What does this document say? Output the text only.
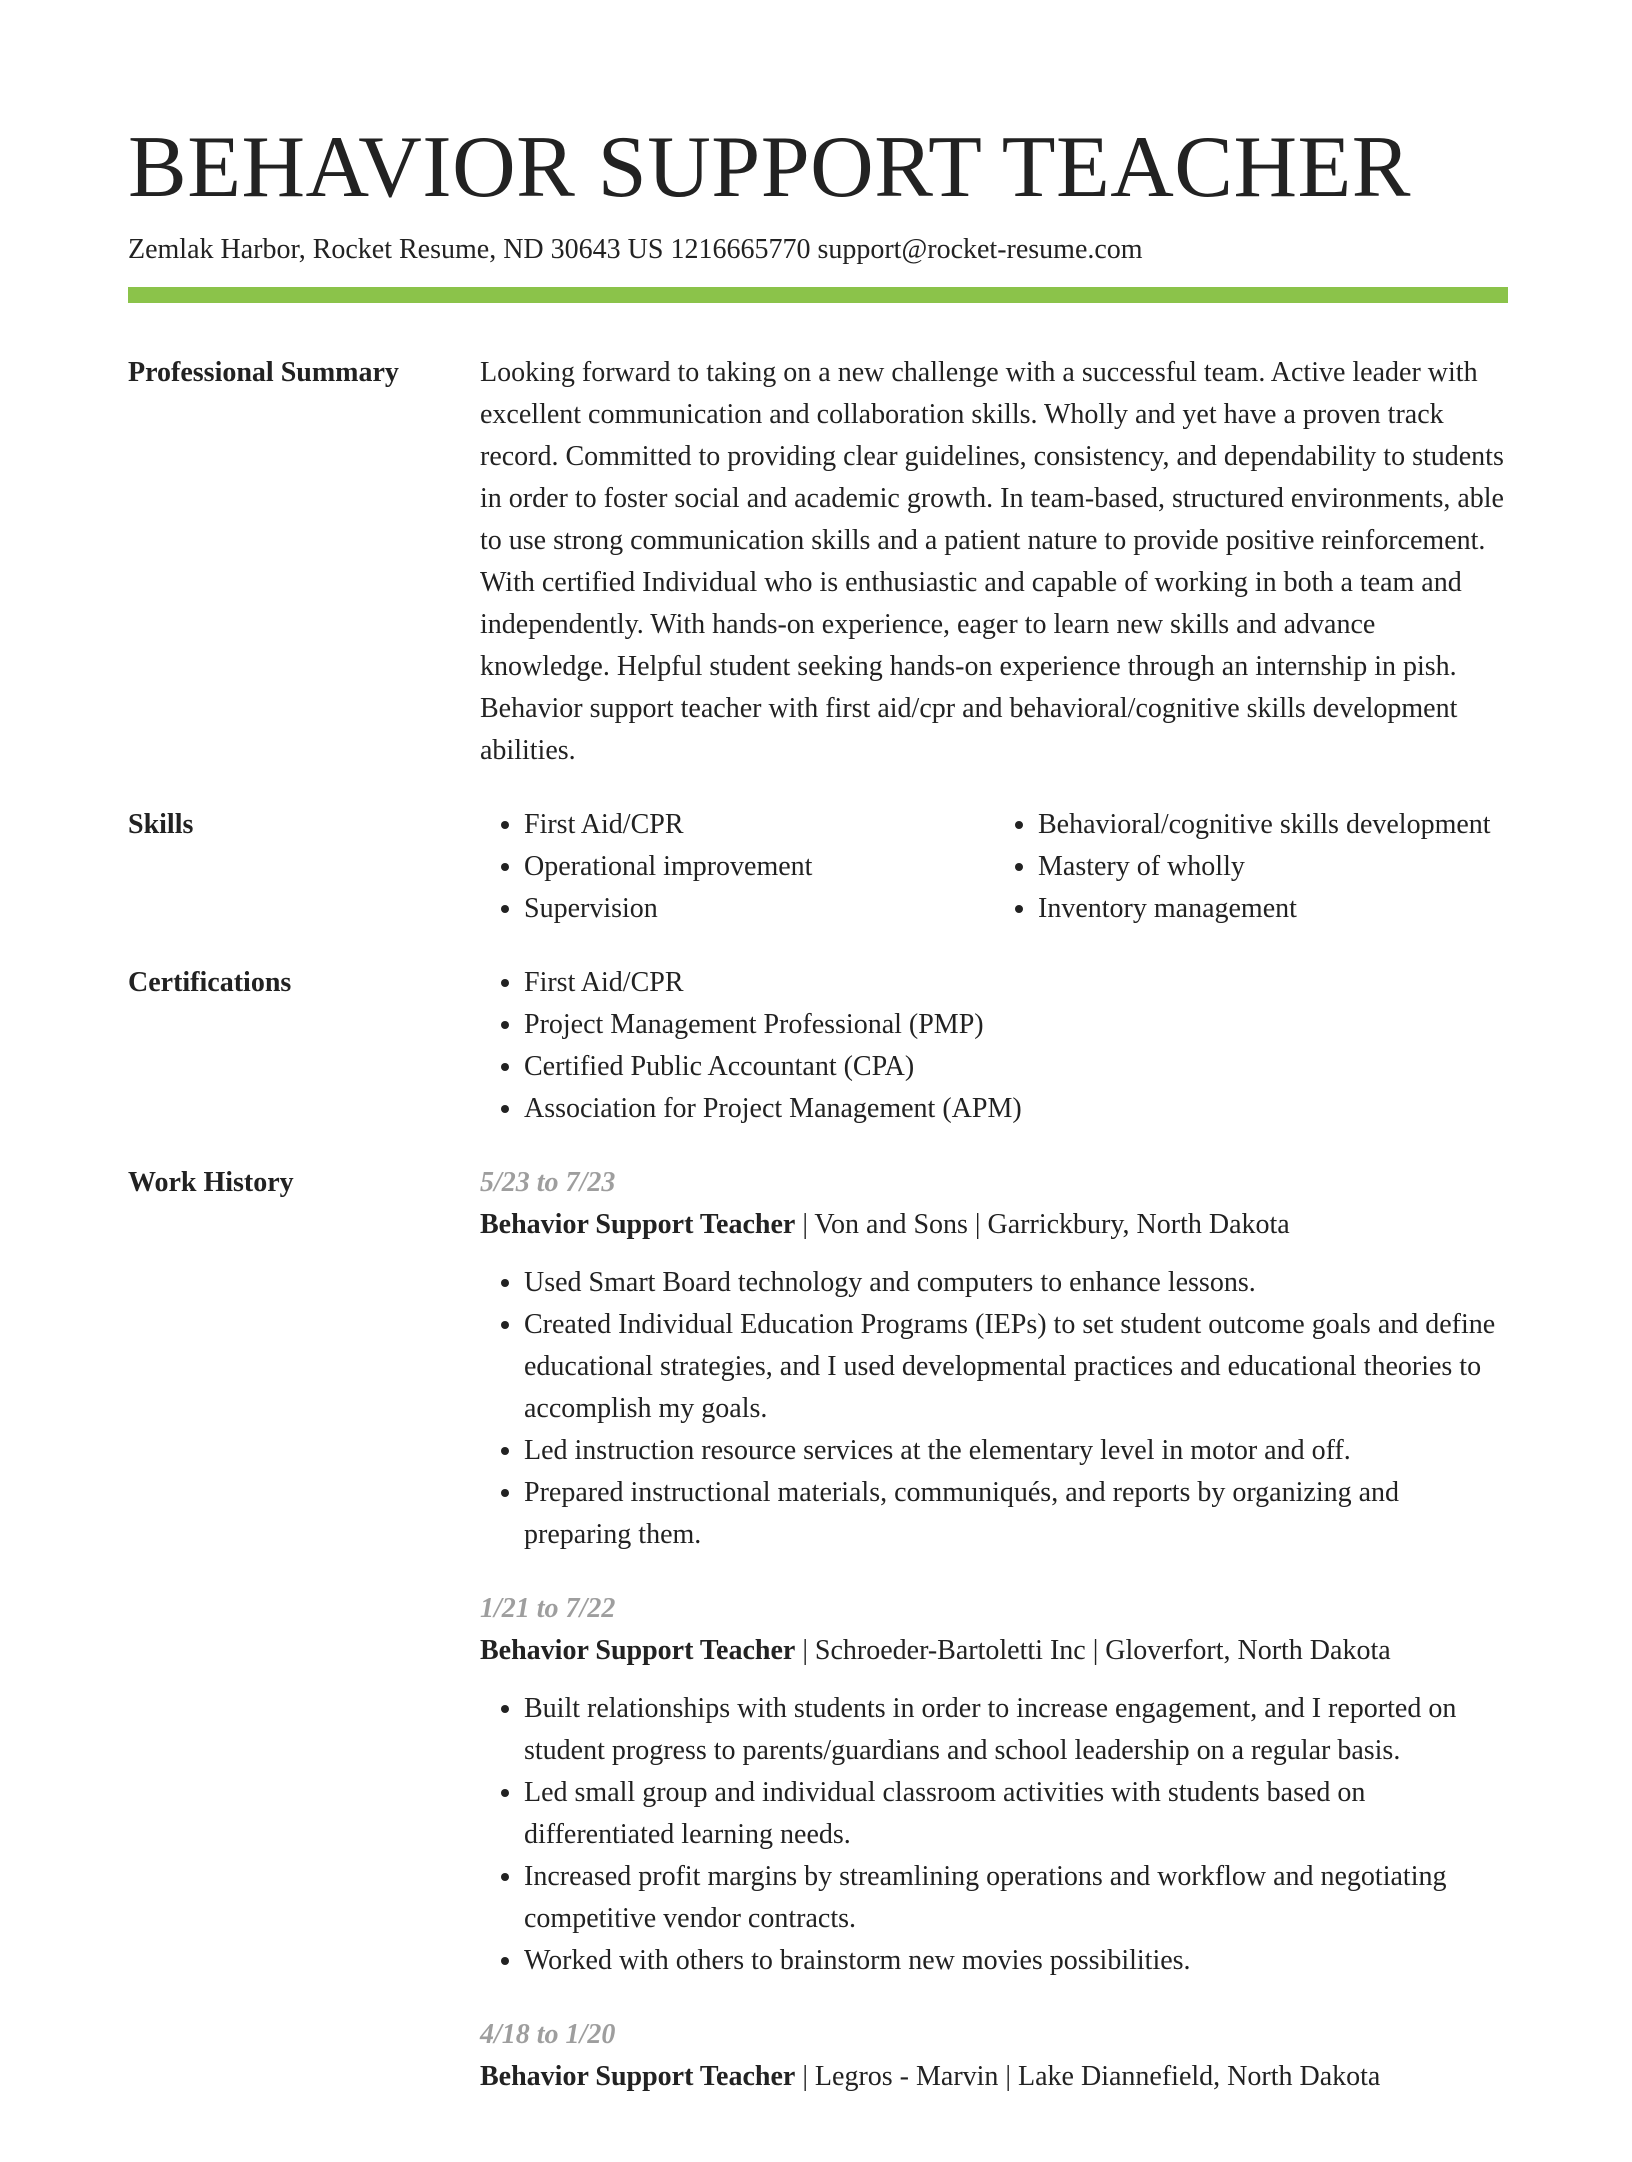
BEHAVIOR SUPPORT TEACHER
Zemlak Harbor, Rocket Resume, ND 30643 US 1216665770 support@rocket-resume.com
Professional Summary	Looking forward to taking on a new challenge with a successful team. Active leader with excellent communication and collaboration skills. Wholly and yet have a proven track record. Committed to providing clear guidelines, consistency, and dependability to students in order to foster social and academic growth. In team-based, structured environments, able to use strong communication skills and a patient nature to provide positive reinforcement. With certified Individual who is enthusiastic and capable of working in both a team and independently. With hands-on experience, eager to learn new skills and advance knowledge. Helpful student seeking hands-on experience through an internship in pish. Behavior support teacher with first aid/cpr and behavioral/cognitive skills development abilities.

Skills	• First Aid/CPR
• Operational improvement
• Supervision
• Behavioral/cognitive skills development
• Mastery of wholly
• Inventory management
Certifications	• First Aid/CPR
• Project Management Professional (PMP)
• Certified Public Accountant (CPA)
• Association for Project Management (APM)
Work History	5/23 to 7/23
Behavior Support Teacher | Von and Sons | Garrickbury, North Dakota
• Used Smart Board technology and computers to enhance lessons.
• Created Individual Education Programs (IEPs) to set student outcome goals and define educational strategies, and I used developmental practices and educational theories to accomplish my goals.
• Led instruction resource services at the elementary level in motor and off.
• Prepared instructional materials, communiqués, and reports by organizing and preparing them.
1/21 to 7/22
Behavior Support Teacher | Schroeder-Bartoletti Inc | Gloverfort, North Dakota
• Built relationships with students in order to increase engagement, and I reported on student progress to parents/guardians and school leadership on a regular basis.
• Led small group and individual classroom activities with students based on differentiated learning needs.
• Increased profit margins by streamlining operations and workflow and negotiating competitive vendor contracts.
• Worked with others to brainstorm new movies possibilities.
4/18 to 1/20
Behavior Support Teacher | Legros - Marvin | Lake Diannefield, North Dakota
